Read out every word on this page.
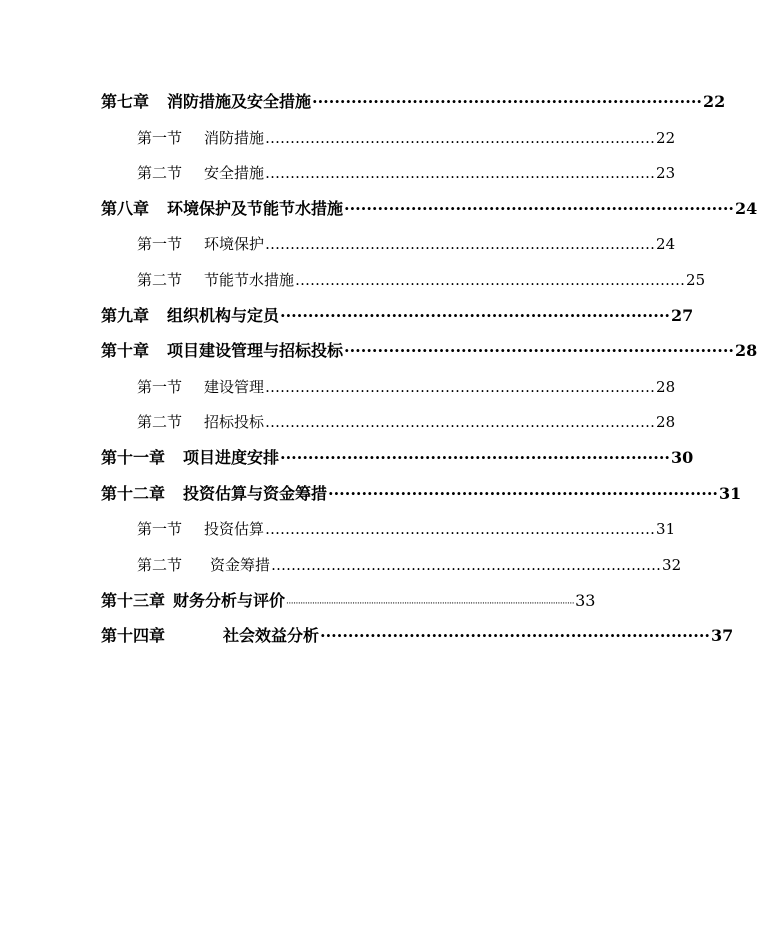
第七章 消防措施及安全措施 ······································································ 22
第一节 消防措施 …………………………………………………………………… 22
第二节 安全措施 …………………………………………………………………… 23
第八章 环境保护及节能节水措施 ······································································ 24
第一节 环境保护 …………………………………………………………………… 24
第二节 节能节水措施 …………………………………………………………………… 25
第九章 组织机构与定员 ······································································ 27
第十章 项目建设管理与招标投标 ······································································ 28
第一节 建设管理 …………………………………………………………………… 28
第二节 招标投标 …………………………………………………………………… 28
第十一章 项目进度安排 ······································································ 30
第十二章 投资估算与资金筹措 ······································································ 31
第一节 投资估算 …………………………………………………………………… 31
第二节 资金筹措 …………………………………………………………………… 32
第十三章 财务分析与评价 ·························································································································· 33
第十四章	社会效益分析 ······································································ 37
